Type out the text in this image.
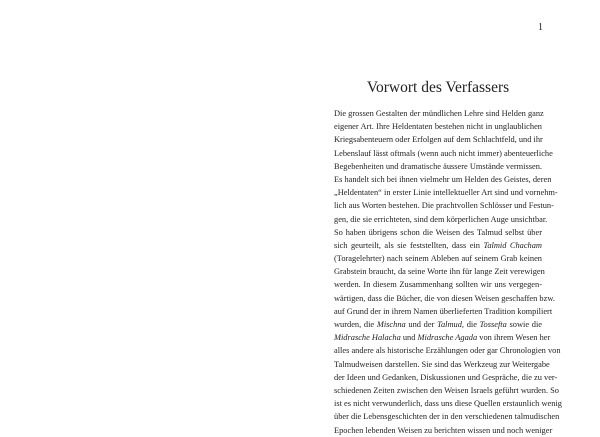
1
Vorwort des Verfassers
Die grossen Gestalten der mündlichen Lehre sind Helden ganz
eigener Art. Ihre Heldentaten bestehen nicht in unglaublichen
Kriegsabenteuern oder Erfolgen auf dem Schlachtfeld, und ihr
Lebenslauf lässt oftmals (wenn auch nicht immer) abenteuerliche
Begebenheiten und dramatische äussere Umstände vermissen.
Es handelt sich bei ihnen vielmehr um Helden des Geistes, deren
„Heldentaten“ in erster Linie intellektueller Art sind und vornehm-
lich aus Worten bestehen. Die prachtvollen Schlösser und Festun-
gen, die sie errichteten, sind dem körperlichen Auge unsichtbar.
So haben übrigens schon die Weisen des Talmud selbst über
sich geurteilt, als sie feststellten, dass ein Talmid Chacham
(Toragelehrter) nach seinem Ableben auf seinem Grab keinen
Grabstein braucht, da seine Worte ihn für lange Zeit verewigen
werden. In diesem Zusammenhang sollten wir uns vergegen-
wärtigen, dass die Bücher, die von diesen Weisen geschaffen bzw.
auf Grund der in ihrem Namen überlieferten Tradition kompiliert
wurden, die Mischna und der Talmud, die Tossefta sowie die
Midrasche Halacha und Midrasche Agada von ihrem Wesen her
alles andere als historische Erzählungen oder gar Chronologien von
Talmudweisen darstellen. Sie sind das Werkzeug zur Weitergabe
der Ideen und Gedanken, Diskussionen und Gespräche, die zu ver-
schiedenen Zeiten zwischen den Weisen Israels geführt wurden. So
ist es nicht verwunderlich, dass uns diese Quellen erstaunlich wenig
über die Lebensgeschichten der in den verschiedenen talmudischen
Epochen lebenden Weisen zu berichten wissen und noch weniger
